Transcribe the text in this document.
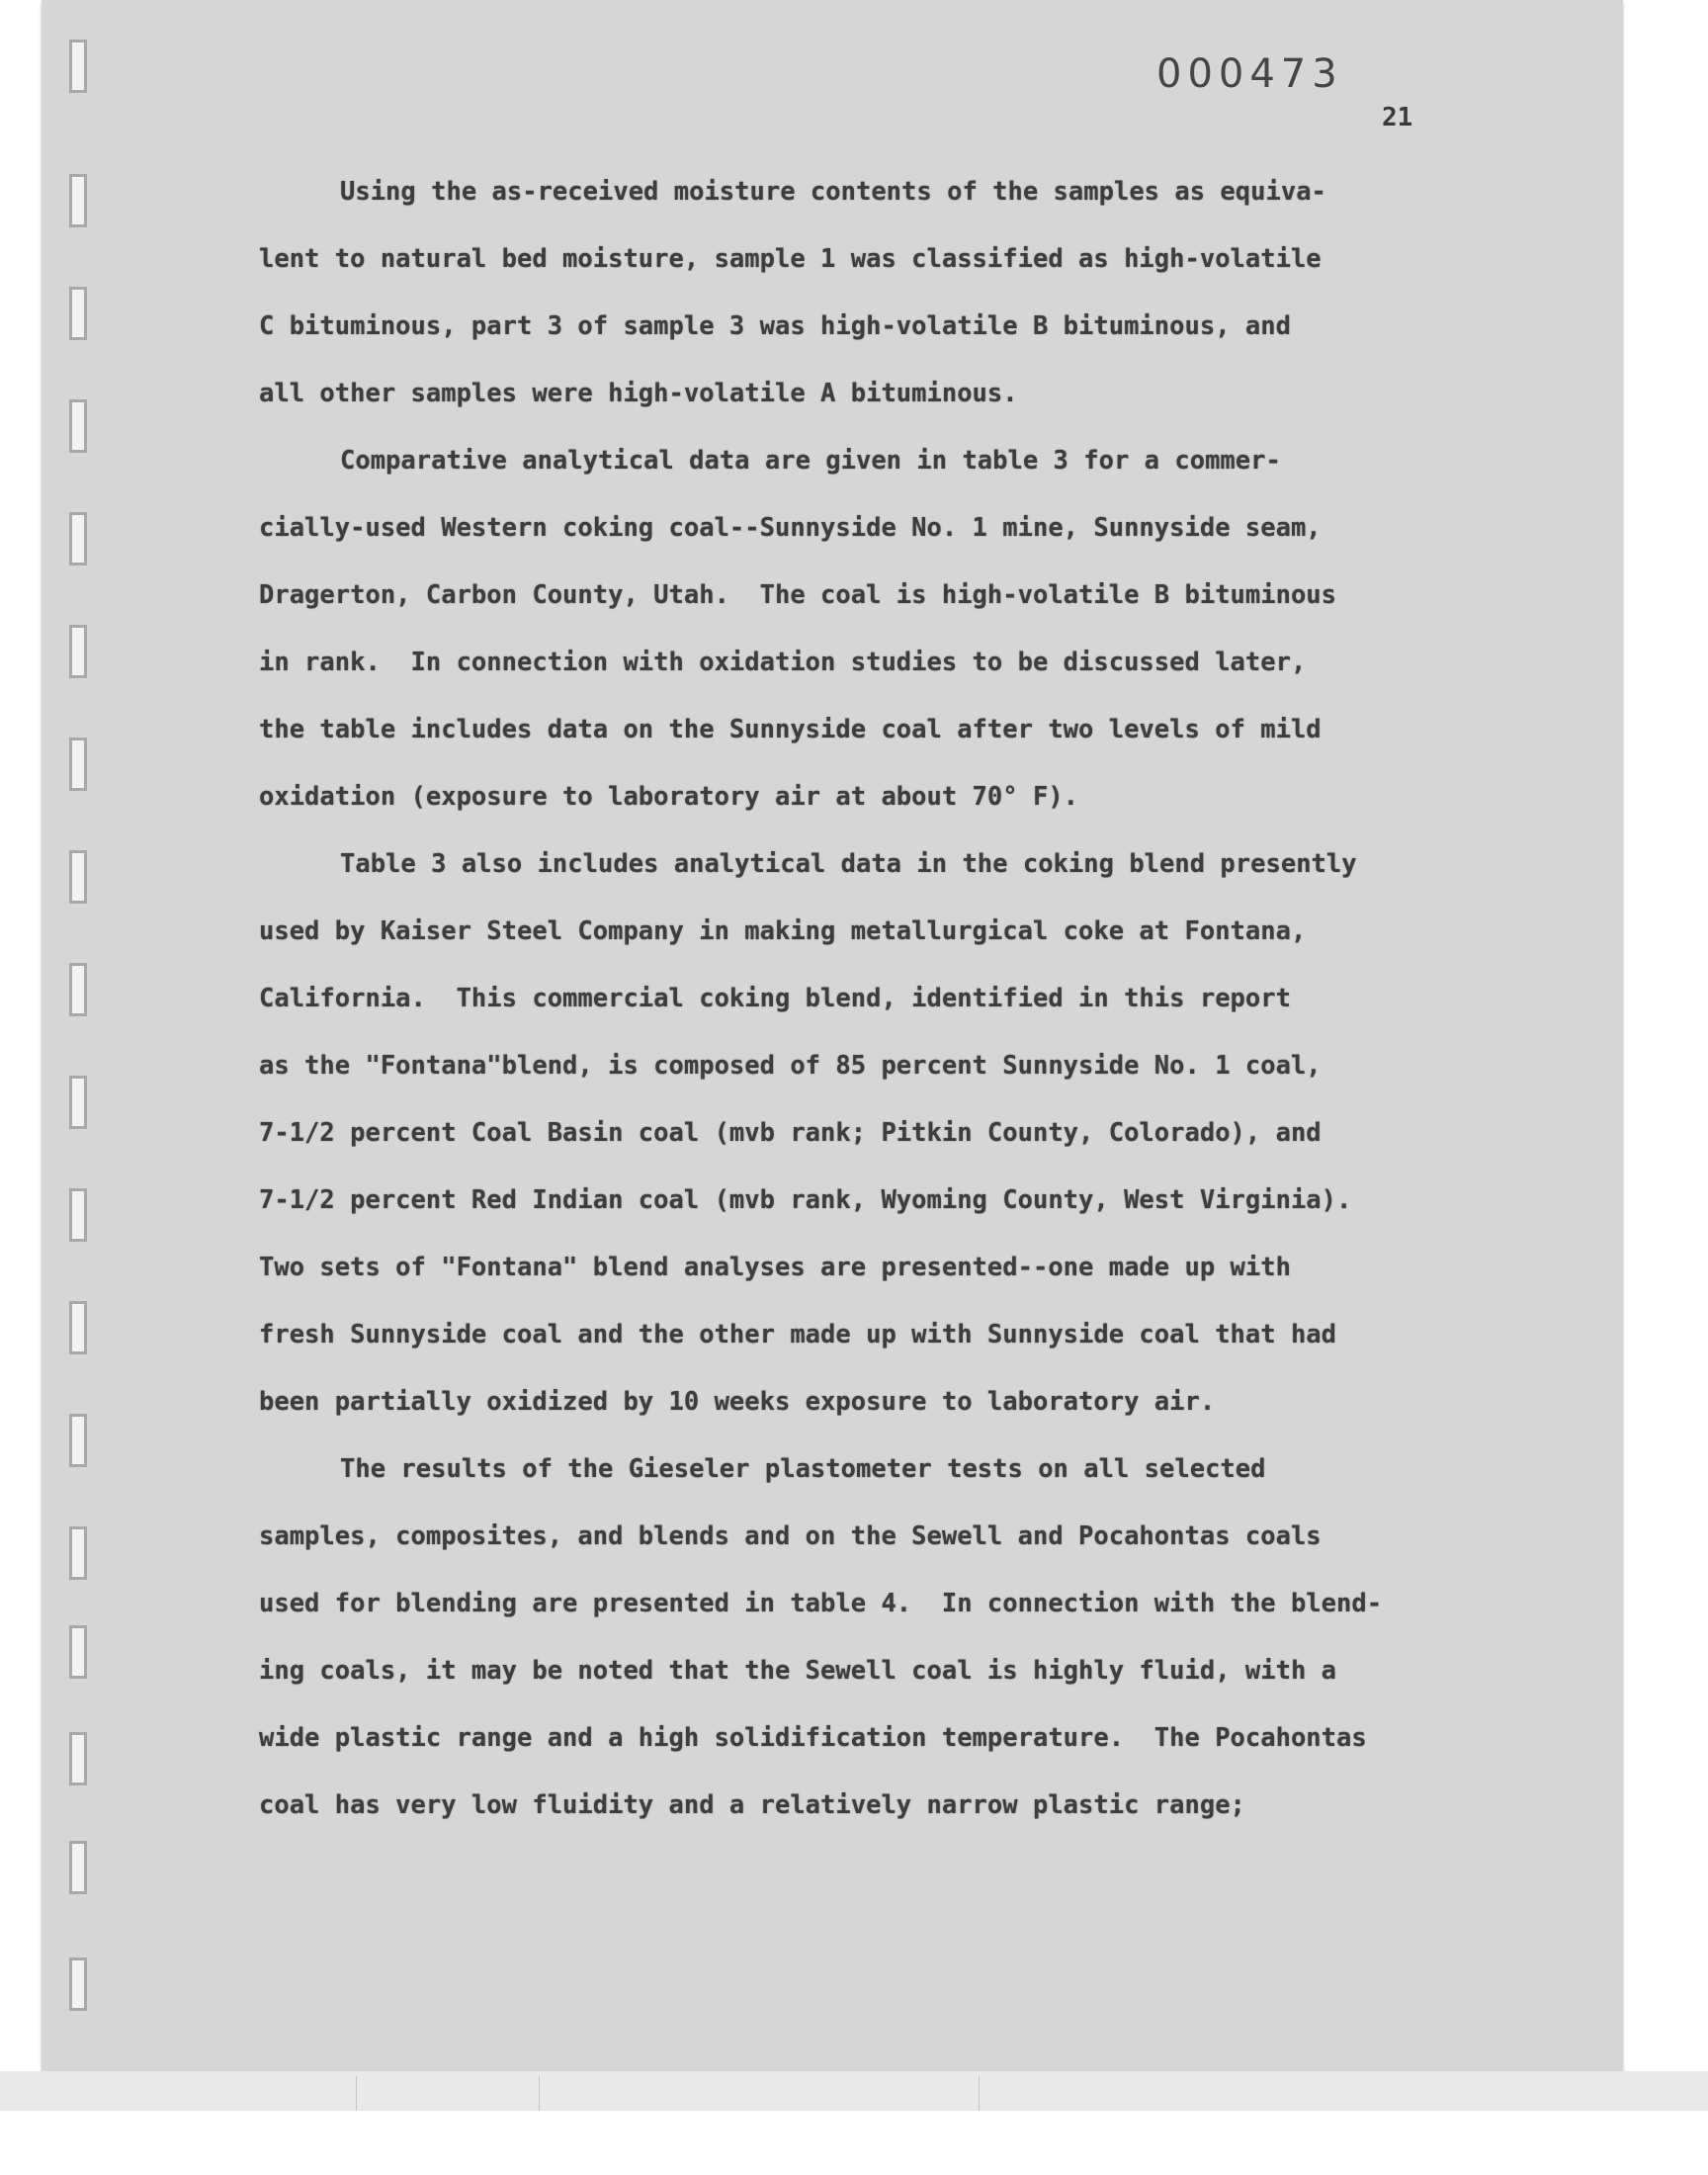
000473
21
Using the as-received moisture contents of the samples as equiva-
lent to natural bed moisture, sample 1 was classified as high-volatile
C bituminous, part 3 of sample 3 was high-volatile B bituminous, and
all other samples were high-volatile A bituminous.
Comparative analytical data are given in table 3 for a commer-
cially-used Western coking coal--Sunnyside No. 1 mine, Sunnyside seam,
Dragerton, Carbon County, Utah.  The coal is high-volatile B bituminous
in rank.  In connection with oxidation studies to be discussed later,
the table includes data on the Sunnyside coal after two levels of mild
oxidation (exposure to laboratory air at about 70° F).
Table 3 also includes analytical data in the coking blend presently
used by Kaiser Steel Company in making metallurgical coke at Fontana,
California.  This commercial coking blend, identified in this report
as the "Fontana"blend, is composed of 85 percent Sunnyside No. 1 coal,
7-1/2 percent Coal Basin coal (mvb rank; Pitkin County, Colorado), and
7-1/2 percent Red Indian coal (mvb rank, Wyoming County, West Virginia).
Two sets of "Fontana" blend analyses are presented--one made up with
fresh Sunnyside coal and the other made up with Sunnyside coal that had
been partially oxidized by 10 weeks exposure to laboratory air.
The results of the Gieseler plastometer tests on all selected
samples, composites, and blends and on the Sewell and Pocahontas coals
used for blending are presented in table 4.  In connection with the blend-
ing coals, it may be noted that the Sewell coal is highly fluid, with a
wide plastic range and a high solidification temperature.  The Pocahontas
coal has very low fluidity and a relatively narrow plastic range;
